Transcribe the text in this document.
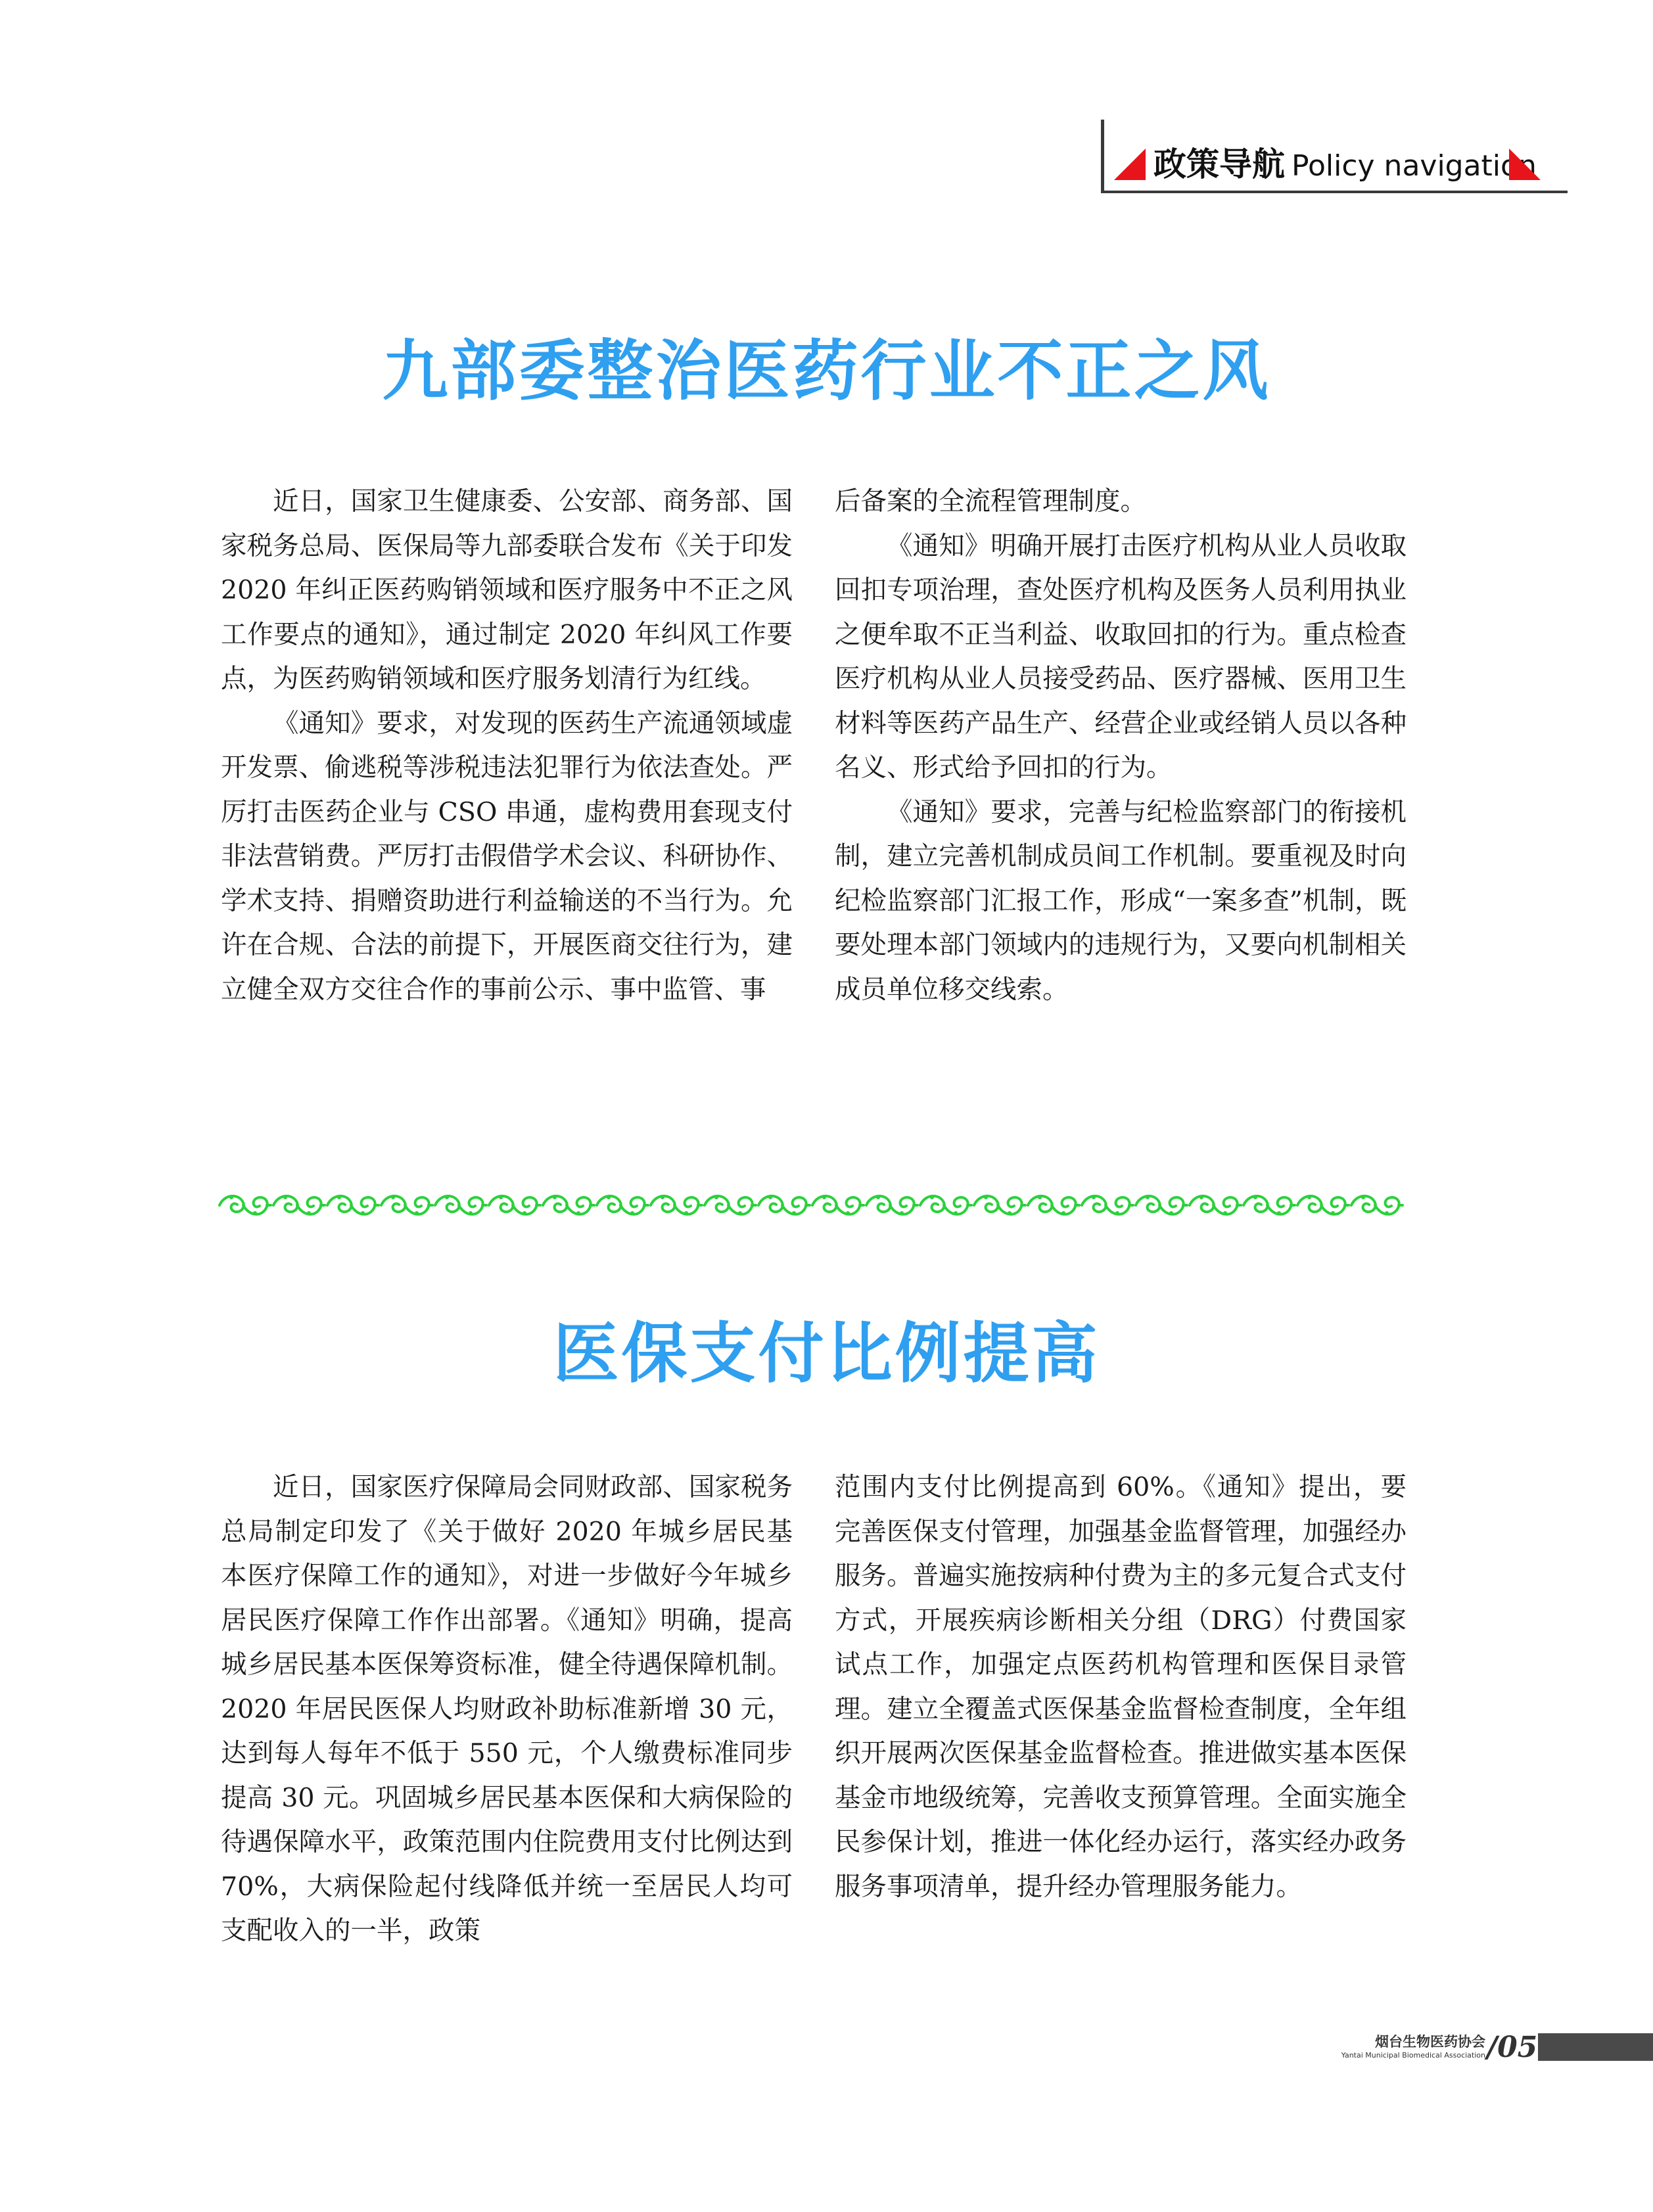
政策导航 Policy navigation
九部委整治医药行业不正之风

近日，国家卫生健康委、公安部、商务部、国家税务总局、医保局等九部委联合发布《关于印发 2020 年纠正医药购销领域和医疗服务中不正之风工作要点的通知》，通过制定 2020 年纠风工作要点，为医药购销领域和医疗服务划清行为红线。

《通知》要求，对发现的医药生产流通领域虚开发票、偷逃税等涉税违法犯罪行为依法查处。严厉打击医药企业与 CSO 串通，虚构费用套现支付非法营销费。严厉打击假借学术会议、科研协作、学术支持、捐赠资助进行利益输送的不当行为。允许在合规、合法的前提下，开展医商交往行为，建立健全双方交往合作的事前公示、事中监管、事

后备案的全流程管理制度。

《通知》明确开展打击医疗机构从业人员收取回扣专项治理，查处医疗机构及医务人员利用执业之便牟取不正当利益、收取回扣的行为。重点检查医疗机构从业人员接受药品、医疗器械、医用卫生材料等医药产品生产、经营企业或经销人员以各种名义、形式给予回扣的行为。

《通知》要求，完善与纪检监察部门的衔接机制，建立完善机制成员间工作机制。要重视及时向纪检监察部门汇报工作，形成“一案多查”机制，既要处理本部门领域内的违规行为，又要向机制相关成员单位移交线索。

医保支付比例提高

近日，国家医疗保障局会同财政部、国家税务总局制定印发了《关于做好 2020 年城乡居民基本医疗保障工作的通知》，对进一步做好今年城乡居民医疗保障工作作出部署。《通知》明确，提高城乡居民基本医保筹资标准，健全待遇保障机制。2020 年居民医保人均财政补助标准新增 30 元，达到每人每年不低于 550 元，个人缴费标准同步提高 30 元。巩固城乡居民基本医保和大病保险的待遇保障水平，政策范围内住院费用支付比例达到 70%，大病保险起付线降低并统一至居民人均可支配收入的一半，政策

范围内支付比例提高到 60%。《通知》提出，要完善医保支付管理，加强基金监督管理，加强经办服务。普遍实施按病种付费为主的多元复合式支付方式，开展疾病诊断相关分组（DRG）付费国家试点工作，加强定点医药机构管理和医保目录管理。建立全覆盖式医保基金监督检查制度，全年组织开展两次医保基金监督检查。推进做实基本医保基金市地级统筹，完善收支预算管理。全面实施全民参保计划，推进一体化经办运行，落实经办政务服务事项清单，提升经办管理服务能力。

烟台生物医药协会
Yantai Municipal Biomedical Association /05
